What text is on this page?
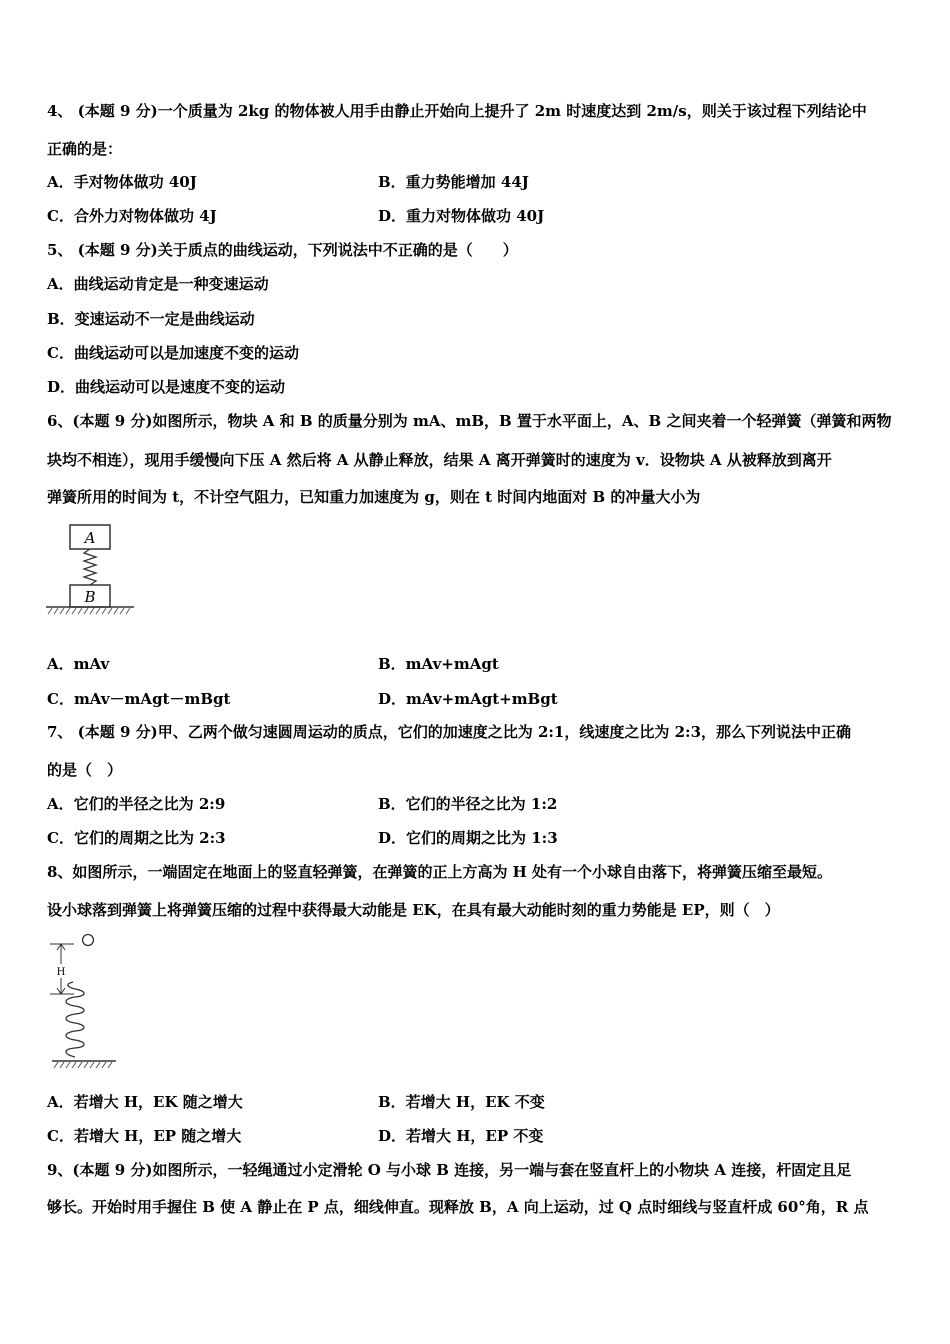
4、 (本题 9 分)一个质量为 2kg 的物体被人用手由静止开始向上提升了 2m 时速度达到 2m/s，则关于该过程下列结论中
正确的是：
A．手对物体做功 40J	B．重力势能增加 44J
C．合外力对物体做功 4J	D．重力对物体做功 40J
5、 (本题 9 分)关于质点的曲线运动，下列说法中不正确的是（　　）
A．曲线运动肯定是一种变速运动
B．变速运动不一定是曲线运动
C．曲线运动可以是加速度不变的运动
D．曲线运动可以是速度不变的运动
6、(本题 9 分)如图所示，物块 A 和 B 的质量分别为 mA、mB，B 置于水平面上，A、B 之间夹着一个轻弹簧（弹簧和两物
块均不相连），现用手缓慢向下压 A 然后将 A 从静止释放，结果 A 离开弹簧时的速度为 v．设物块 A 从被释放到离开
弹簧所用的时间为 t，不计空气阻力，已知重力加速度为 g，则在 t 时间内地面对 B 的冲量大小为
A
B
A．mAv	B．mAv+mAgt
C．mAv－mAgt－mBgt	D．mAv+mAgt+mBgt
7、 (本题 9 分)甲、乙两个做匀速圆周运动的质点，它们的加速度之比为 2:1，线速度之比为 2:3，那么下列说法中正确
的是（　）
A．它们的半径之比为 2:9	B．它们的半径之比为 1:2
C．它们的周期之比为 2:3	D．它们的周期之比为 1:3
8、如图所示，一端固定在地面上的竖直轻弹簧，在弹簧的正上方高为 H 处有一个小球自由落下，将弹簧压缩至最短。
设小球落到弹簧上将弹簧压缩的过程中获得最大动能是 EK，在具有最大动能时刻的重力势能是 EP，则（　）
H
A．若增大 H，EK 随之增大	B．若增大 H，EK 不变
C．若增大 H，EP 随之增大	D．若增大 H，EP 不变
9、(本题 9 分)如图所示，一轻绳通过小定滑轮 O 与小球 B 连接，另一端与套在竖直杆上的小物块 A 连接，杆固定且足
够长。开始时用手握住 B 使 A 静止在 P 点，细线伸直。现释放 B，A 向上运动，过 Q 点时细线与竖直杆成 60°角，R 点
